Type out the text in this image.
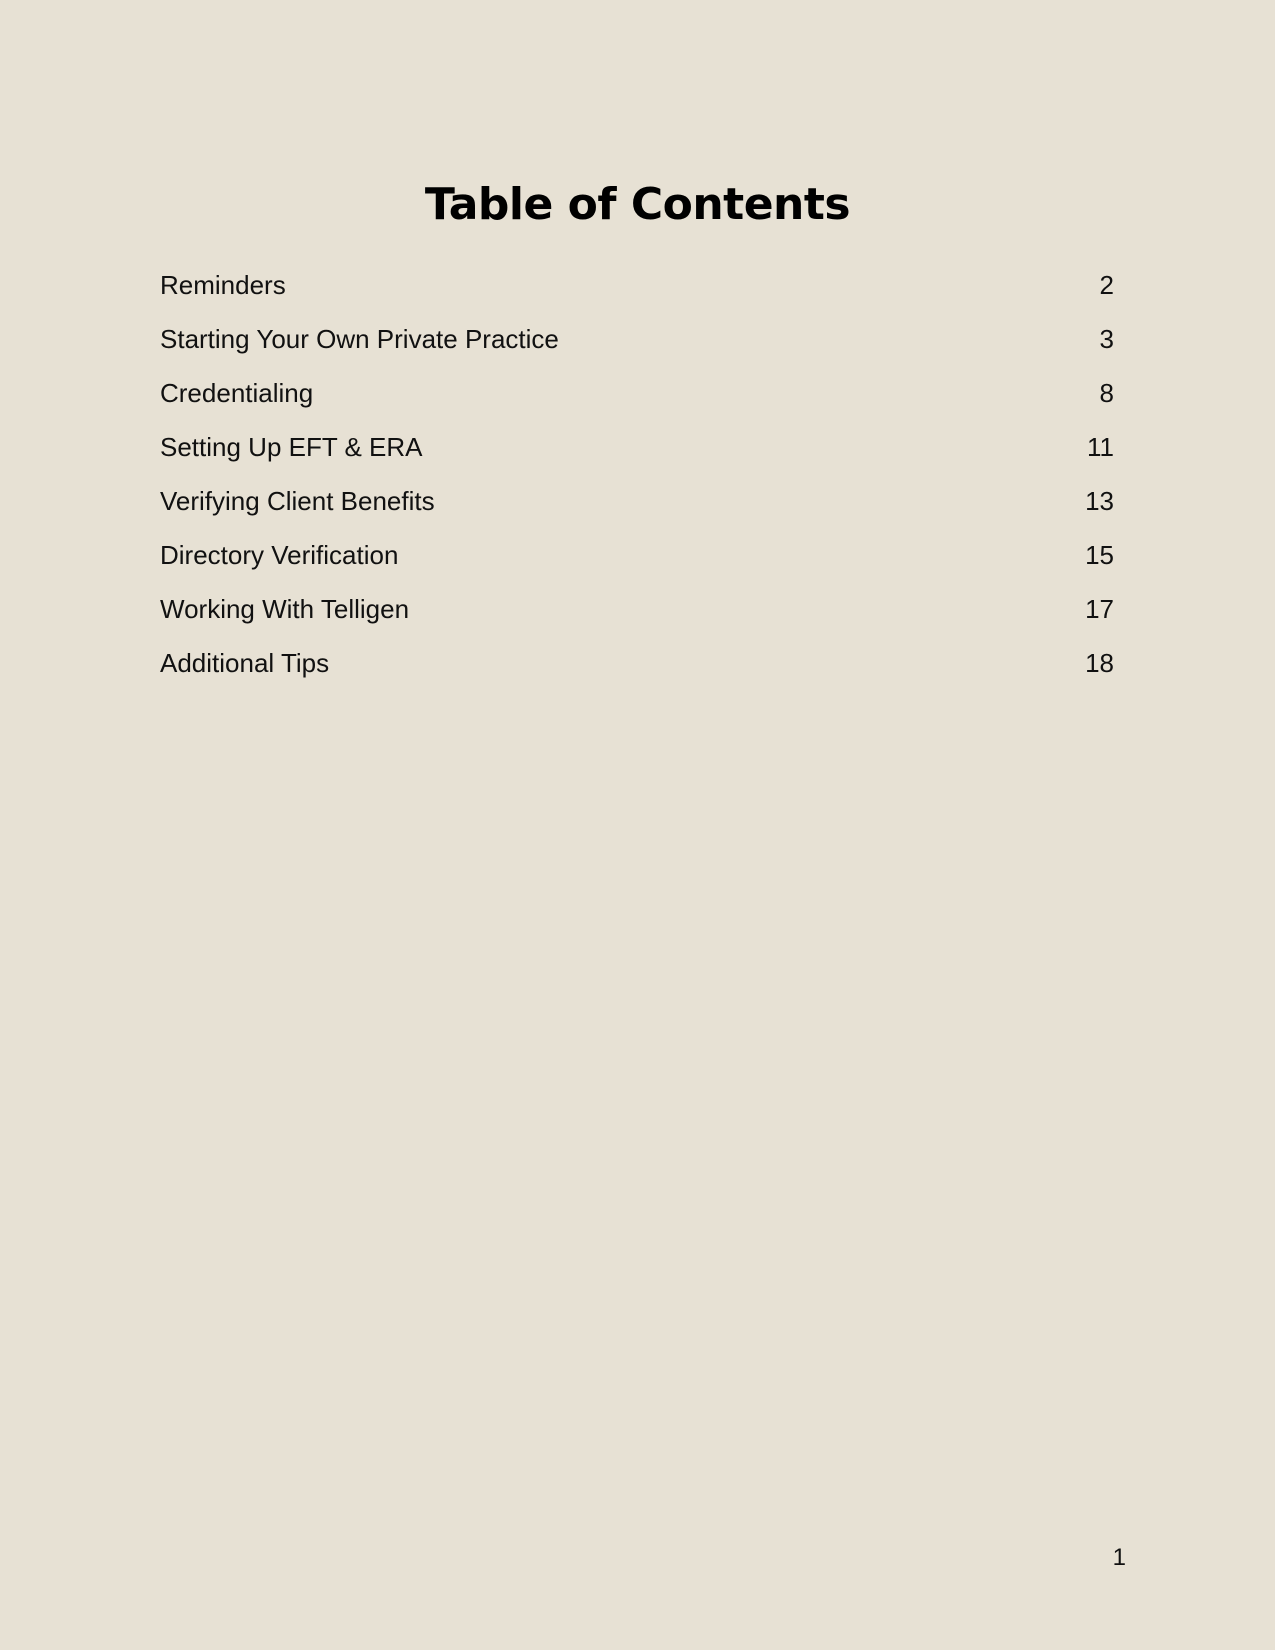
Table of Contents
Reminders	2
Starting Your Own Private Practice	3
Credentialing	8
Setting Up EFT & ERA	11
Verifying Client Benefits	13
Directory Verification	15
Working With Telligen	17
Additional Tips	18
1
